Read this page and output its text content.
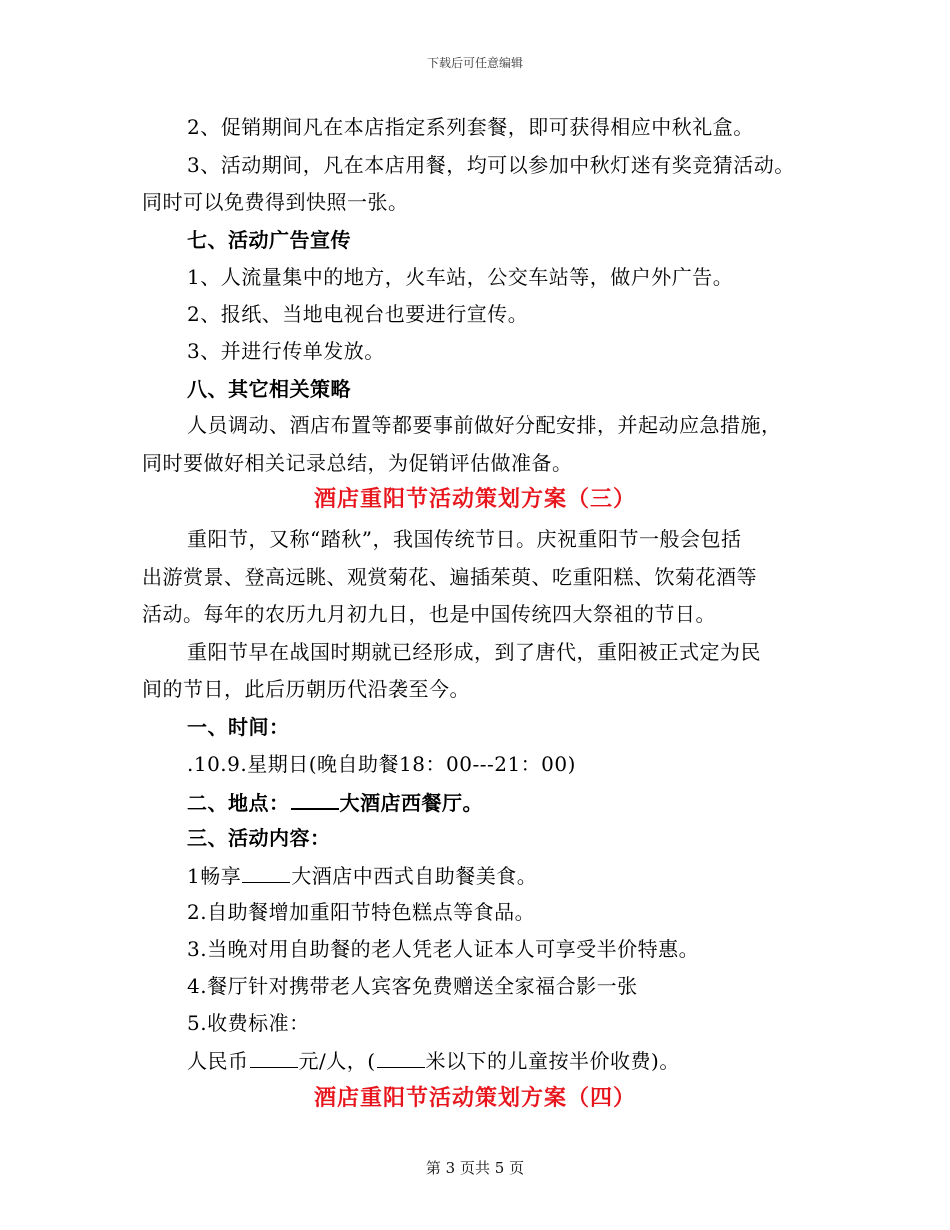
下载后可任意编辑
2、促销期间凡在本店指定系列套餐，即可获得相应中秋礼盒。
3、活动期间，凡在本店用餐，均可以参加中秋灯迷有奖竞猜活动。
同时可以免费得到快照一张。
七、活动广告宣传
1、人流量集中的地方，火车站，公交车站等，做户外广告。
2、报纸、当地电视台也要进行宣传。
3、并进行传单发放。
八、其它相关策略
人员调动、酒店布置等都要事前做好分配安排，并起动应急措施，
同时要做好相关记录总结，为促销评估做准备。
酒店重阳节活动策划方案（三）
重阳节，又称“踏秋”，我国传统节日。庆祝重阳节一般会包括
出游赏景、登高远眺、观赏菊花、遍插茱萸、吃重阳糕、饮菊花酒等
活动。每年的农历九月初九日，也是中国传统四大祭祖的节日。
重阳节早在战国时期就已经形成，到了唐代，重阳被正式定为民
间的节日，此后历朝历代沿袭至今。
一、时间：
.10.9.星期日(晚自助餐18：00---21：00)
二、地点：	大酒店西餐厅。
三、活动内容：
1畅享	大酒店中西式自助餐美食。
2.自助餐增加重阳节特色糕点等食品。
3.当晚对用自助餐的老人凭老人证本人可享受半价特惠。
4.餐厅针对携带老人宾客免费赠送全家福合影一张
5.收费标准：
人民币	元/人，(	米以下的儿童按半价收费)。
酒店重阳节活动策划方案（四）
第 3 页共 5 页
